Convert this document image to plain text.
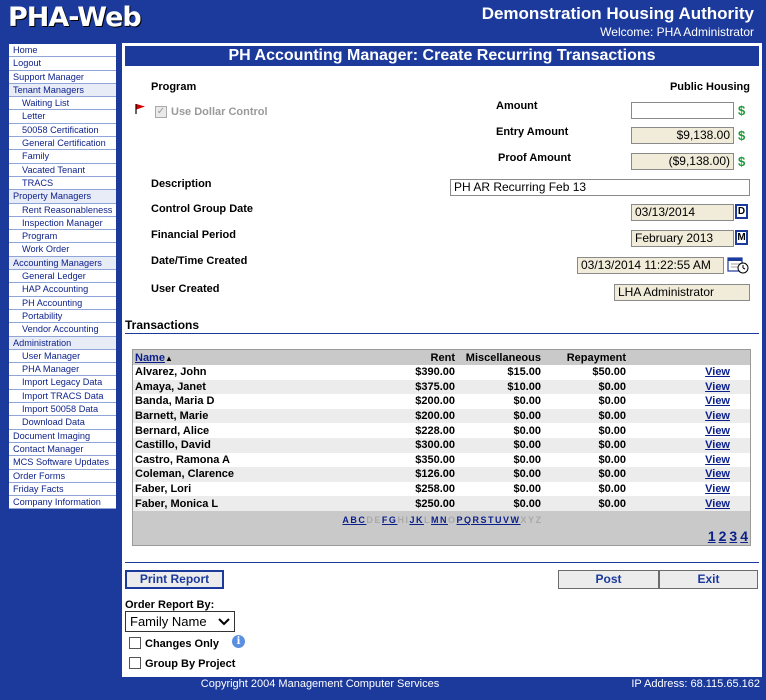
PHA-Web	Demonstration Housing Authority
Welcome: PHA Administrator
Home
Logout
Support Manager
Tenant Managers
Waiting List
Letter
50058 Certification
General Certification
Family
Vacated Tenant
TRACS
Property Managers
Rent Reasonableness
Inspection Manager
Program
Work Order
Accounting Managers
General Ledger
HAP Accounting
PH Accounting
Portability
Vendor Accounting
Administration
User Manager
PHA Manager
Import Legacy Data
Import TRACS Data
Import 50058 Data
Download Data
Document Imaging
Contact Manager
MCS Software Updates
Order Forms
Friday Facts
Company Information
PH Accounting Manager: Create Recurring Transactions
Program	Public Housing
✓ Use Dollar Control	Amount	$
Entry Amount	$9,138.00 $
Proof Amount	($9,138.00) $
Description	PH AR Recurring Feb 13
Control Group Date	03/13/2014	D
Financial Period	February 2013	M
Date/Time Created	03/13/2014 11:22:55 AM
User Created	LHA Administrator
Transactions
Name▲	Rent	Miscellaneous	Repayment	
Alvarez, John	$390.00	$15.00	$50.00	View
Amaya, Janet	$375.00	$10.00	$0.00	View
Banda, Maria D	$200.00	$0.00	$0.00	View
Barnett, Marie	$200.00	$0.00	$0.00	View
Bernard, Alice	$228.00	$0.00	$0.00	View
Castillo, David	$300.00	$0.00	$0.00	View
Castro, Ramona A	$350.00	$0.00	$0.00	View
Coleman, Clarence	$126.00	$0.00	$0.00	View
Faber, Lori	$258.00	$0.00	$0.00	View
Faber, Monica L	$250.00	$0.00	$0.00	View
ABCDEFGHIJKLMNOPQRSTUVWXYZ
1 2 3 4
Print Report	Post	Exit
Order Report By:
Family Name
Changes Only	i
Group By Project
Copyright 2004 Management Computer Services	IP Address: 68.115.65.162
